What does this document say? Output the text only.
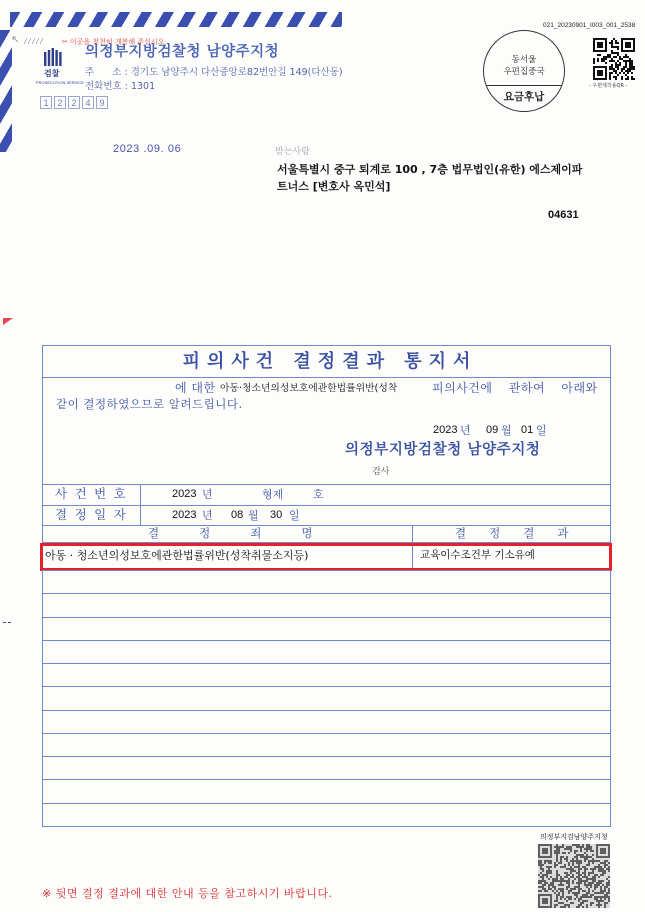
021_20230901_I003_001_2538
✂ 이곳을 천천히 개봉해 주십시오
검찰
PROSECUTION SERVICE
의정부지방검찰청 남양주지청
주      소 : 경기도 남양주시 다산중앙로82번안길 149(다산동)
전화번호 : 1301
1 2 2 4 9
동서울
우편집중국
요금후납
- 우편제작용QR -
2023 .09. 06	받는사람
서울특별시 중구 퇴계로 100 , 7층 법무법인(유한) 에스제이파
트너스 [변호사 옥민석]
04631
피의사건 결정결과 통지서
에 대한 아동·청소년의성보호에관한법률위반(성착	피의사건에 관하여 아래와
같이 결정하였으므로 알려드립니다.
2023 년 09 월 01 일
의정부지방검찰청 남양주지청
검사
사건번호	2023 년	형제	호
결정일자	2023 년 08 월 30 일
결정죄명	결정결과
아동 · 청소년의성보호에관한법률위반(성착취물소지등)	교육이수조건부 기소유예
의정부지검남양주지청
※ 뒷면 결정 결과에 대한 안내 등을 참고하시기 바랍니다.
